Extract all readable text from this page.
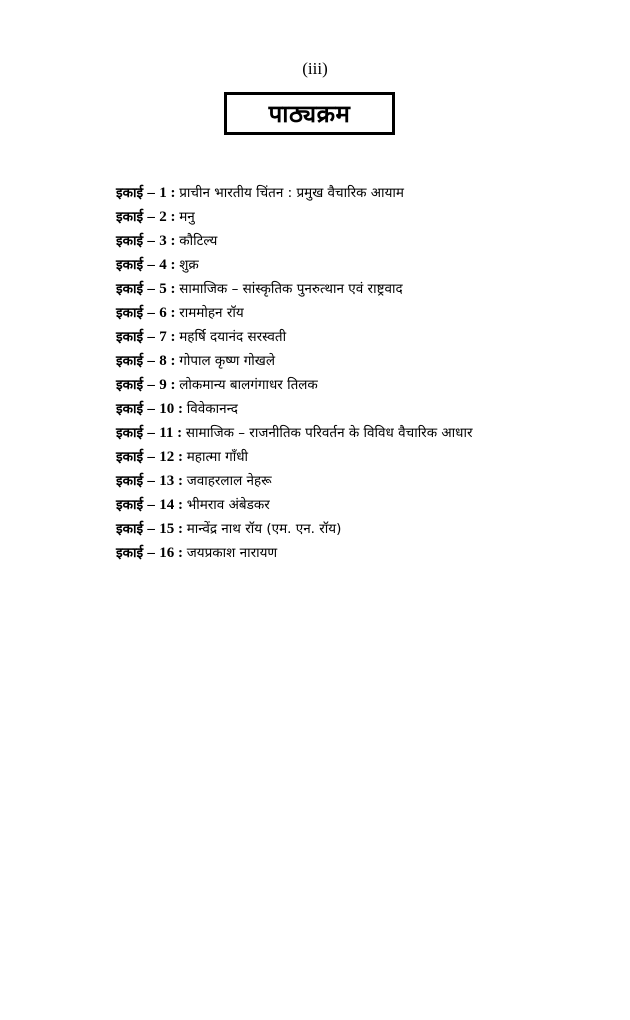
(iii)
पाठ्यक्रम
इकाई – 1 : प्राचीन भारतीय चिंतन : प्रमुख वैचारिक आयाम
इकाई – 2 : मनु
इकाई – 3 : कौटिल्य
इकाई – 4 : शुक्र
इकाई – 5 : सामाजिक – सांस्कृतिक पुनरुत्थान एवं राष्ट्रवाद
इकाई – 6 : राममोहन रॉय
इकाई – 7 : महर्षि दयानंद सरस्वती
इकाई – 8 : गोपाल कृष्ण गोखले
इकाई – 9 : लोकमान्य बालगंगाधर तिलक
इकाई – 10 : विवेकानन्द
इकाई – 11 : सामाजिक – राजनीतिक परिवर्तन के विविध वैचारिक आधार
इकाई – 12 : महात्मा गाँधी
इकाई – 13 : जवाहरलाल नेहरू
इकाई – 14 : भीमराव अंबेडकर
इकाई – 15 : मान्वेंद्र नाथ रॉय (एम. एन. रॉय)
इकाई – 16 : जयप्रकाश नारायण
